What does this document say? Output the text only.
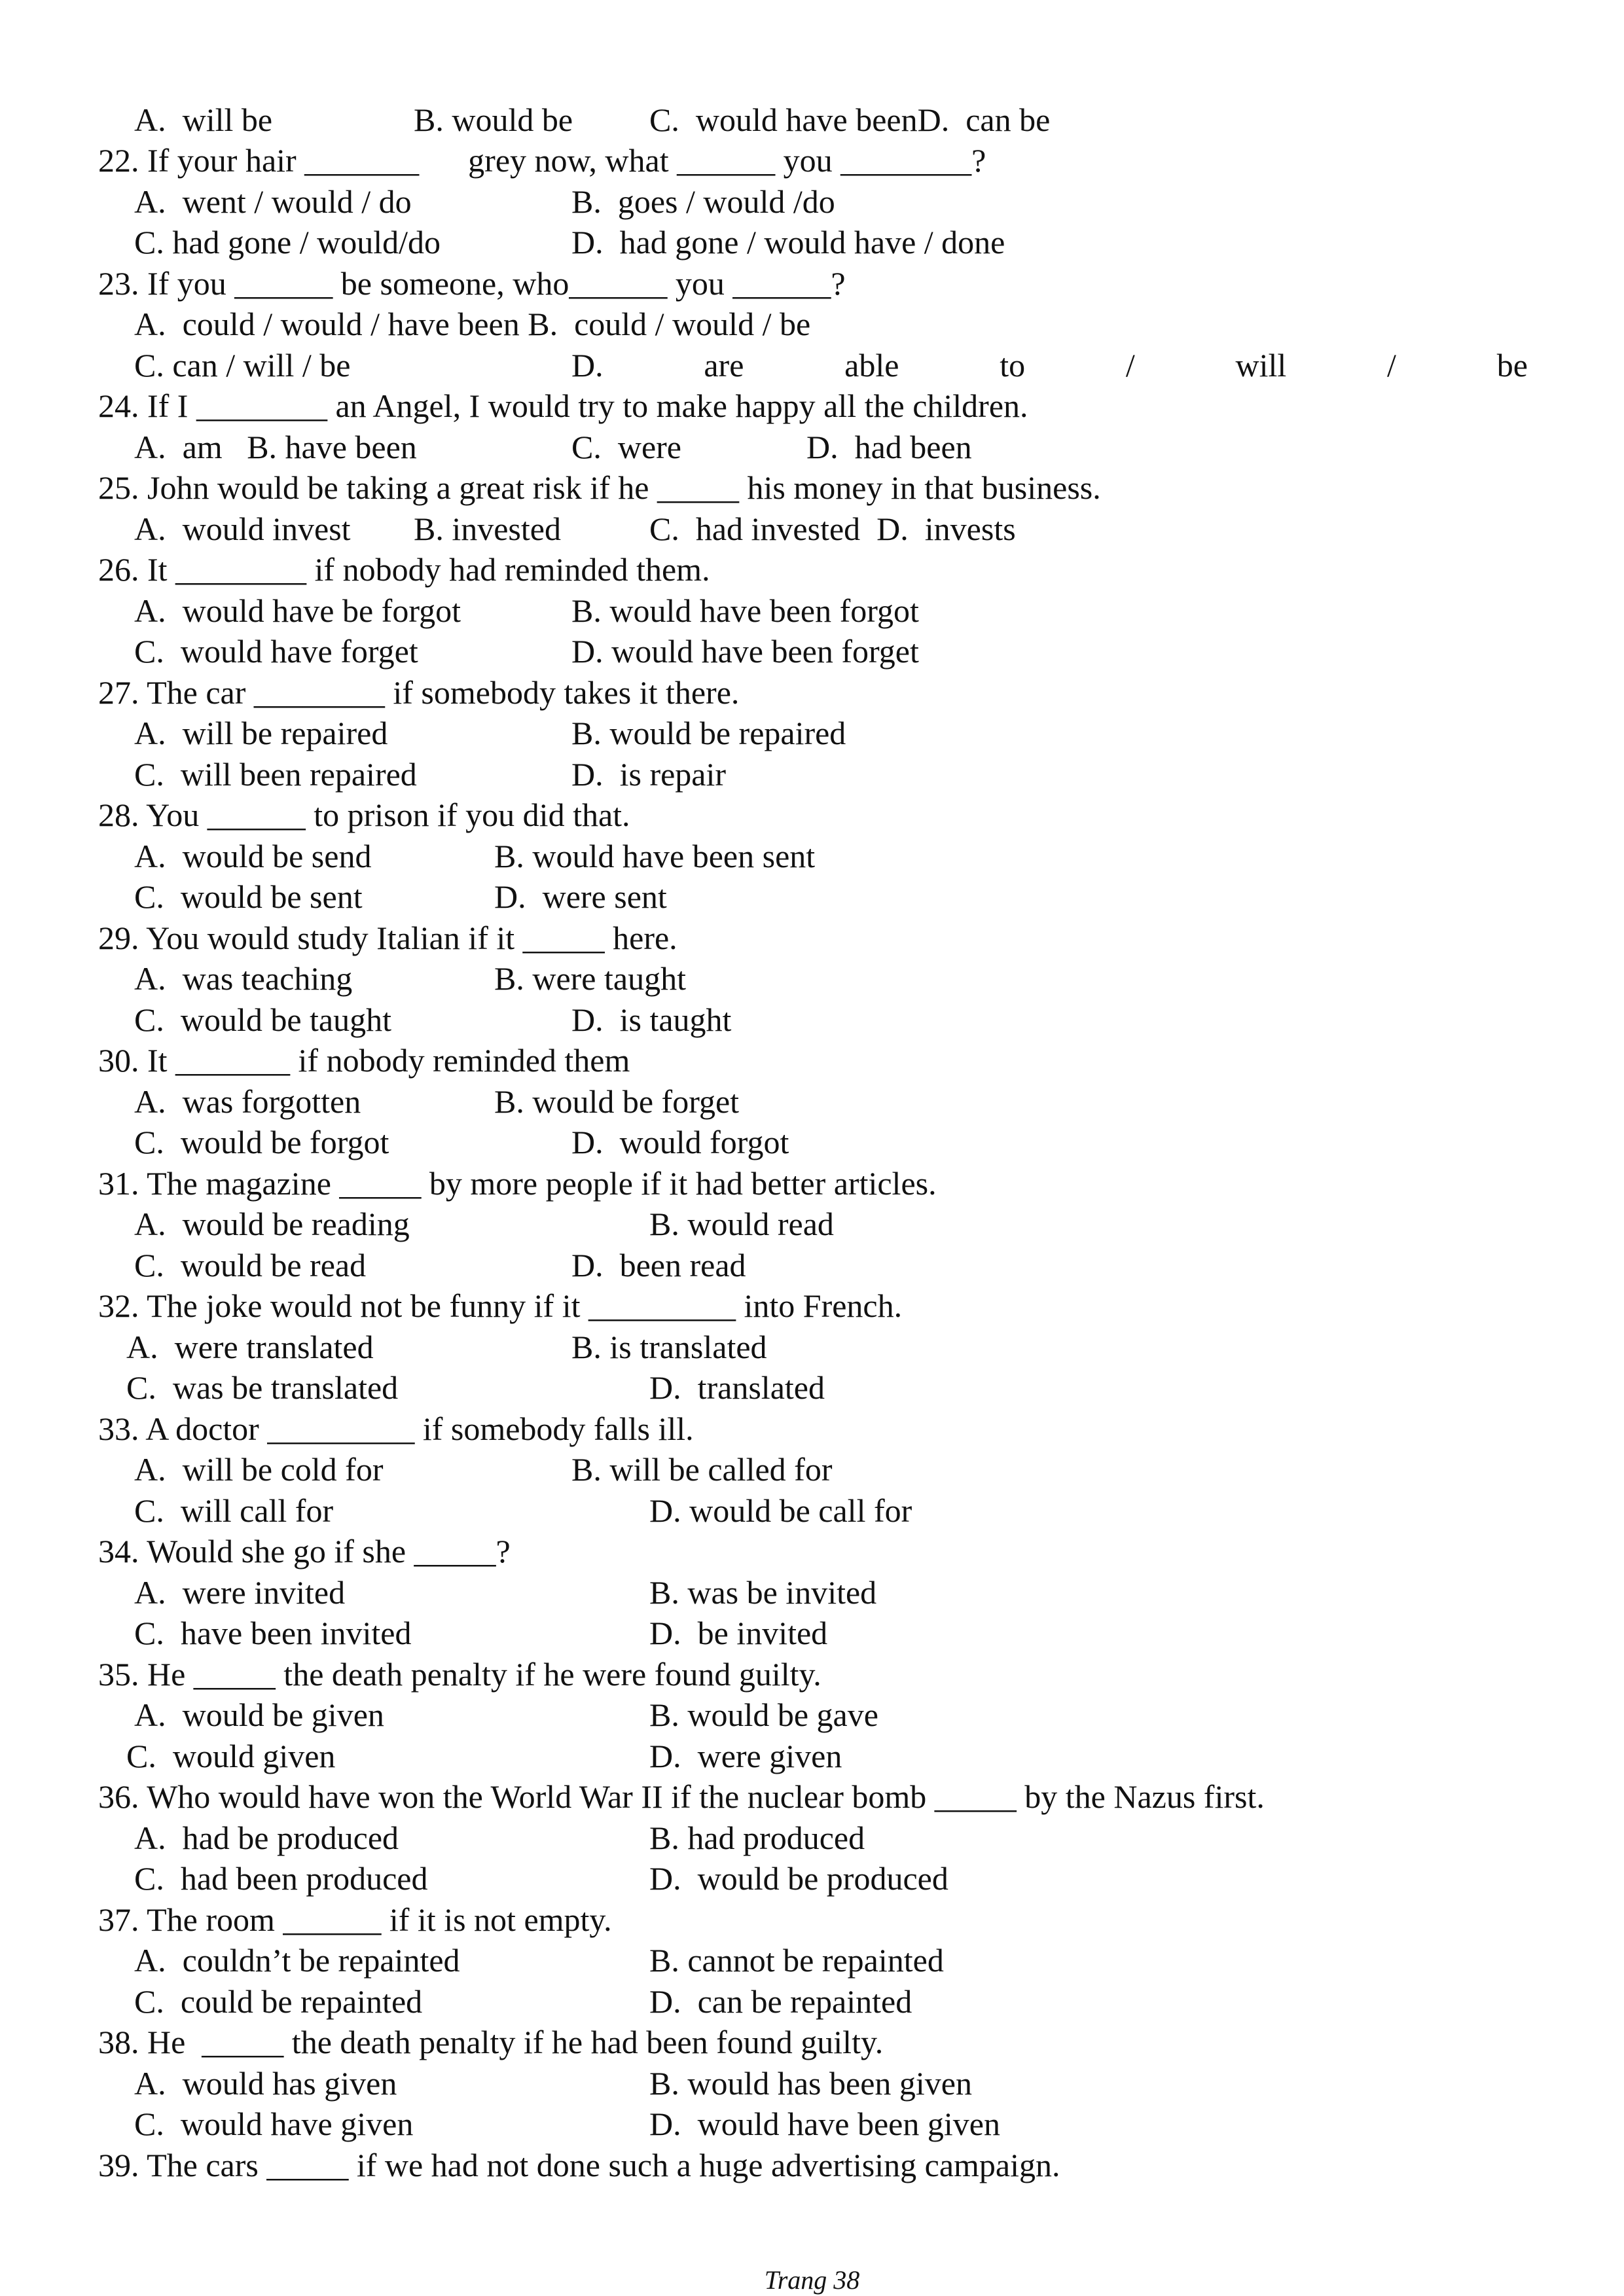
A.  will be	B. would be C.  would have beenD.  can be
22. If your hair _______      grey now, what ______ you ________?
A.  went / would / do	B.  goes / would /do
C. had gone / would/do	D.  had gone / would have / done
23. If you ______ be someone, who______ you ______?
A.  could / would / have been B.  could / would / be
C. can / will / be	D.	are	able	to	/	will	/	be
24. If I ________ an Angel, I would try to make happy all the children.
A.  am   B. have been	C.  were	D.  had been
25. John would be taking a great risk if he _____ his money in that business.
A.  would invest B. invested	C.  had invested  D.  invests
26. It ________ if nobody had reminded them.
A.  would have be forgot	B. would have been forgot
C.  would have forget	D. would have been forget
27. The car ________ if somebody takes it there.
A.  will be repaired	B. would be repaired
C.  will been repaired	D.  is repair
28. You ______ to prison if you did that.
A.  would be send	B. would have been sent
C.  would be sent	D.  were sent
29. You would study Italian if it _____ here.
A.  was teaching	B. were taught
C.  would be taught	D.  is taught
30. It _______ if nobody reminded them
A.  was forgotten	B. would be forget
C.  would be forgot	D.  would forgot
31. The magazine _____ by more people if it had better articles.
A.  would be reading	B. would read
C.  would be read	D.  been read
32. The joke would not be funny if it _________ into French.
A.  were translated	B. is translated
C.  was be translated	D.  translated
33. A doctor _________ if somebody falls ill.
A.  will be cold for	B. will be called for
C.  will call for	D. would be call for
34. Would she go if she _____?
A.  were invited	B. was be invited
C.  have been invited	D.  be invited
35. He _____ the death penalty if he were found guilty.
A.  would be given	B. would be gave
C.  would given	D.  were given
36. Who would have won the World War II if the nuclear bomb _____ by the Nazus first.
A.  had be produced	B. had produced
C.  had been produced	D.  would be produced
37. The room ______ if it is not empty.
A.  couldn’t be repainted	B. cannot be repainted
C.  could be repainted	D.  can be repainted
38. He  _____ the death penalty if he had been found guilty.
A.  would has given	B. would has been given
C.  would have given	D.  would have been given
39. The cars _____ if we had not done such a huge advertising campaign.
Trang 38
